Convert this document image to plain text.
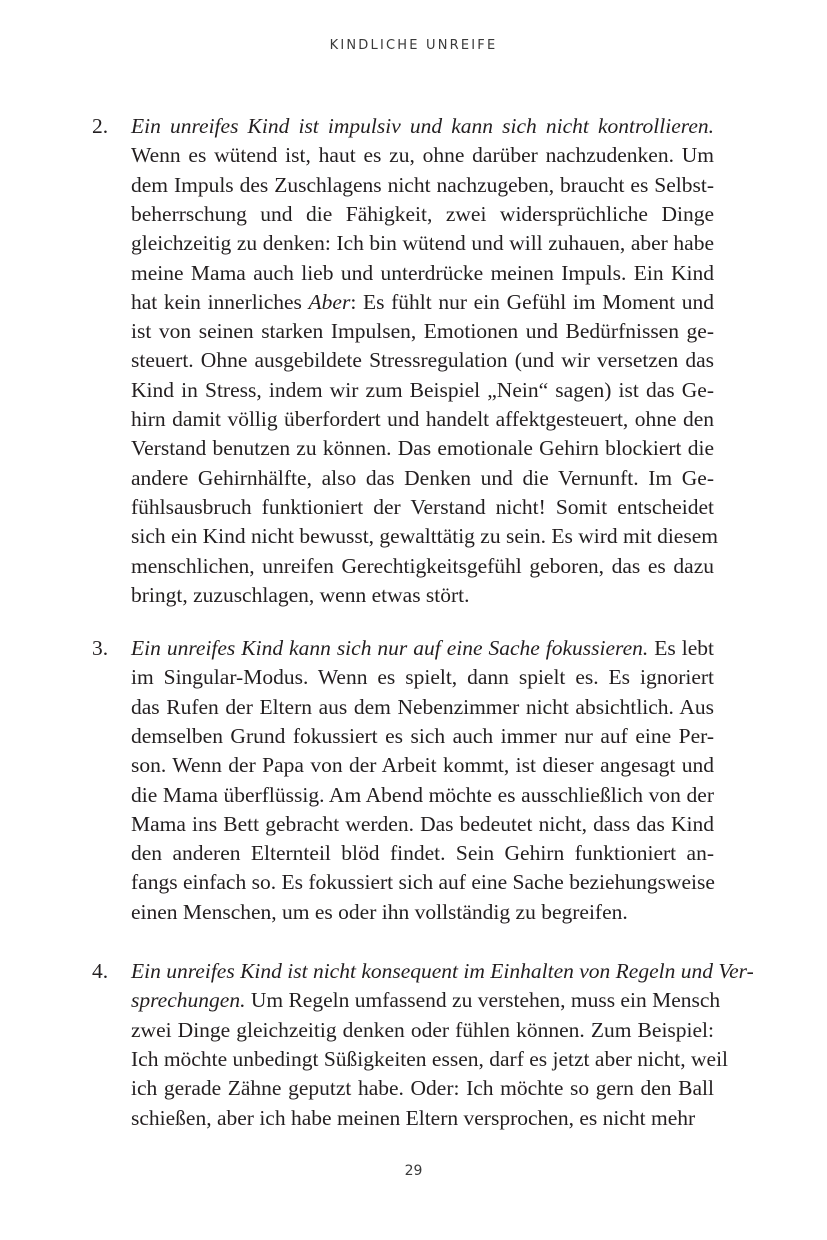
KINDLICHE UNREIFE
2. Ein unreifes Kind ist impulsiv und kann sich nicht kontrollieren.
Wenn es wütend ist, haut es zu, ohne darüber nachzudenken. Um
dem Impuls des Zuschlagens nicht nachzugeben, braucht es Selbst-
beherrschung und die Fähigkeit, zwei widersprüchliche Dinge
gleichzeitig zu denken: Ich bin wütend und will zuhauen, aber habe
meine Mama auch lieb und unterdrücke meinen Impuls. Ein Kind
hat kein innerliches Aber: Es fühlt nur ein Gefühl im Moment und
ist von seinen starken Impulsen, Emotionen und Bedürfnissen ge-
steuert. Ohne ausgebildete Stressregulation (und wir versetzen das
Kind in Stress, indem wir zum Beispiel „Nein“ sagen) ist das Ge-
hirn damit völlig überfordert und handelt affektgesteuert, ohne den
Verstand benutzen zu können. Das emotionale Gehirn blockiert die
andere Gehirnhälfte, also das Denken und die Vernunft. Im Ge-
fühlsausbruch funktioniert der Verstand nicht! Somit entscheidet
sich ein Kind nicht bewusst, gewalttätig zu sein. Es wird mit diesem
menschlichen, unreifen Gerechtigkeitsgefühl geboren, das es dazu
bringt, zuzuschlagen, wenn etwas stört.
3. Ein unreifes Kind kann sich nur auf eine Sache fokussieren. Es lebt
im Singular-Modus. Wenn es spielt, dann spielt es. Es ignoriert
das Rufen der Eltern aus dem Nebenzimmer nicht absichtlich. Aus
demselben Grund fokussiert es sich auch immer nur auf eine Per-
son. Wenn der Papa von der Arbeit kommt, ist dieser angesagt und
die Mama überflüssig. Am Abend möchte es ausschließlich von der
Mama ins Bett gebracht werden. Das bedeutet nicht, dass das Kind
den anderen Elternteil blöd findet. Sein Gehirn funktioniert an-
fangs einfach so. Es fokussiert sich auf eine Sache beziehungsweise
einen Menschen, um es oder ihn vollständig zu begreifen.
4. Ein unreifes Kind ist nicht konsequent im Einhalten von Regeln und Ver-
sprechungen. Um Regeln umfassend zu verstehen, muss ein Mensch
zwei Dinge gleichzeitig denken oder fühlen können. Zum Beispiel:
Ich möchte unbedingt Süßigkeiten essen, darf es jetzt aber nicht, weil
ich gerade Zähne geputzt habe. Oder: Ich möchte so gern den Ball
schießen, aber ich habe meinen Eltern versprochen, es nicht mehr
29
